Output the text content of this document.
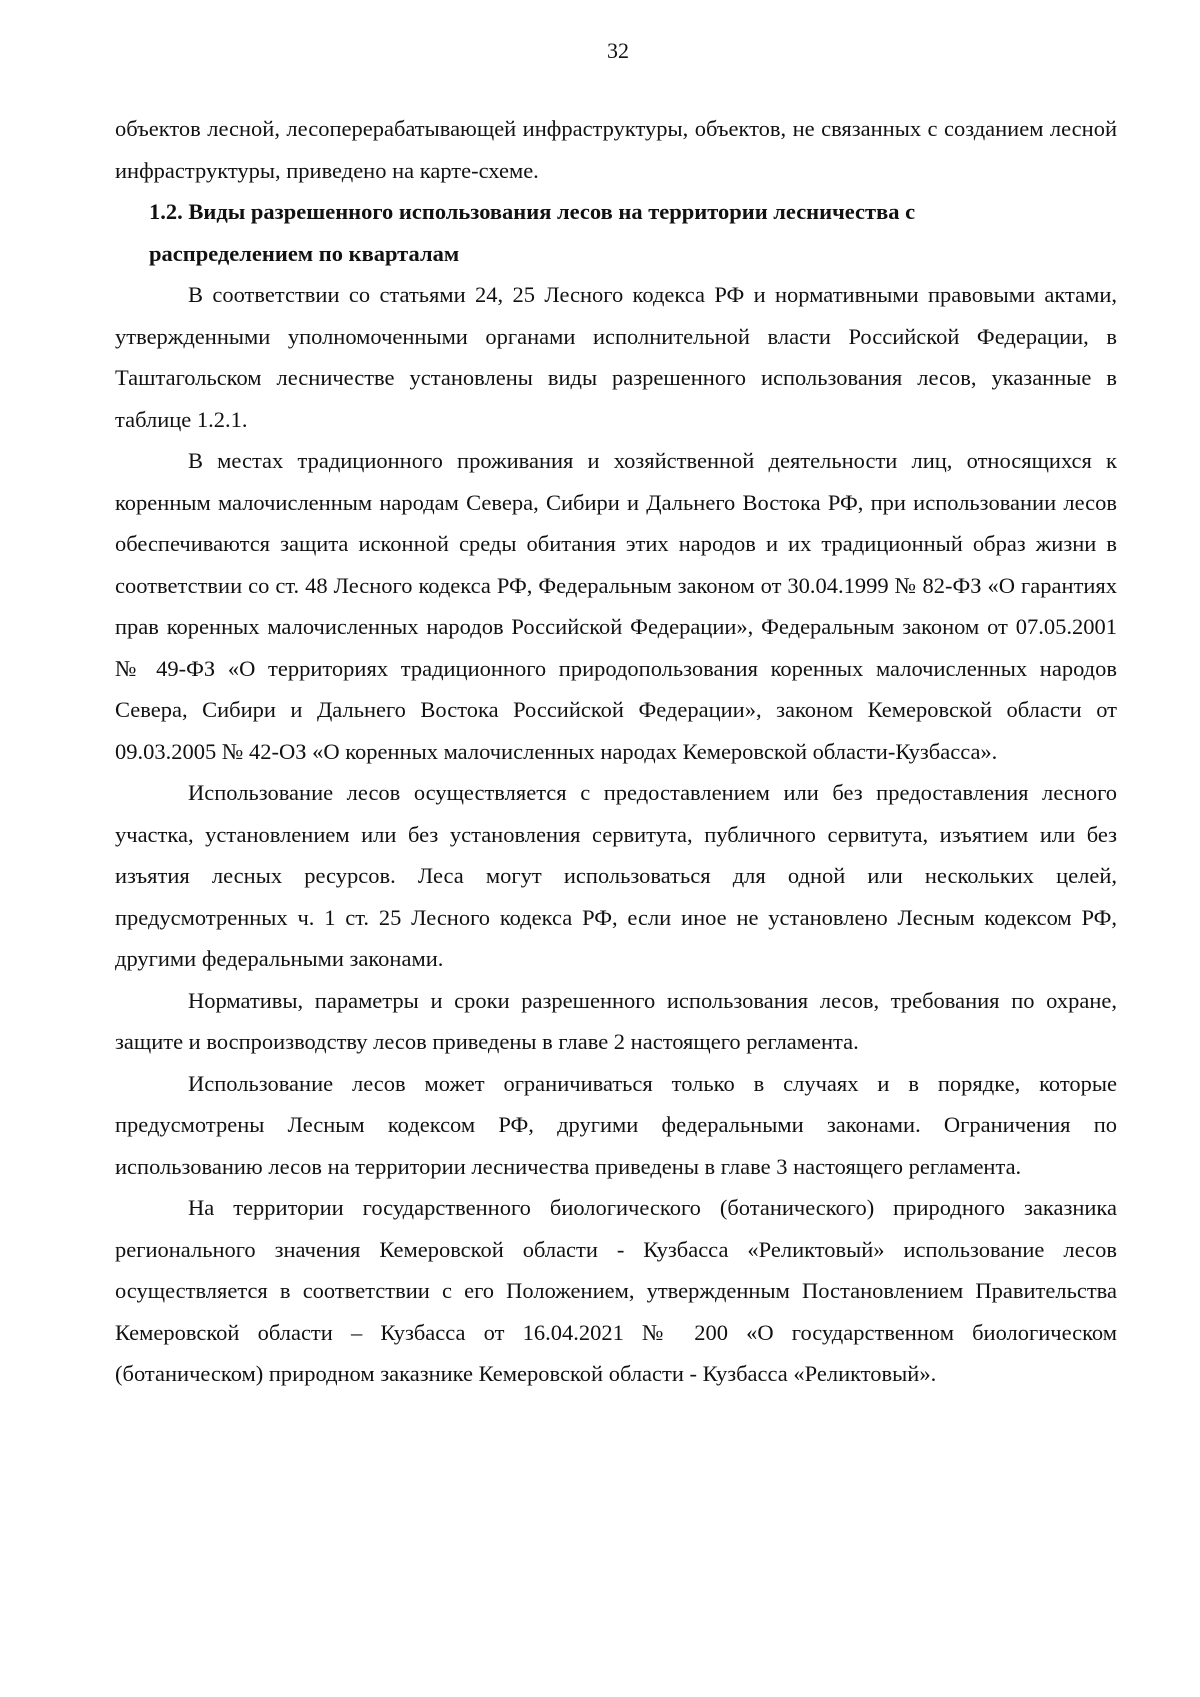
32

объектов лесной, лесоперерабатывающей инфраструктуры, объектов, не связанных с созданием лесной инфраструктуры, приведено на карте-схеме.

1.2. Виды разрешенного использования лесов на территории лесничества с

распределением по кварталам

В соответствии со статьями 24, 25 Лесного кодекса РФ и нормативными правовыми актами, утвержденными уполномоченными органами исполнительной власти Российской Федерации, в Таштагольском лесничестве установлены виды разрешенного использования лесов, указанные в таблице 1.2.1.

В местах традиционного проживания и хозяйственной деятельности лиц, относящихся к коренным малочисленным народам Севера, Сибири и Дальнего Востока РФ, при использовании лесов обеспечиваются защита исконной среды обитания этих народов и их традиционный образ жизни в соответствии со ст. 48 Лесного кодекса РФ, Федеральным законом от 30.04.1999 № 82-ФЗ «О гарантиях прав коренных малочисленных народов Российской Федерации», Федеральным законом от 07.05.2001 № 49-ФЗ «О территориях традиционного природопользования коренных малочисленных народов Севера, Сибири и Дальнего Востока Российской Федерации», законом Кемеровской области от 09.03.2005 № 42-ОЗ «О коренных малочисленных народах Кемеровской области-Кузбасса».

Использование лесов осуществляется с предоставлением или без предоставления лесного участка, установлением или без установления сервитута, публичного сервитута, изъятием или без изъятия лесных ресурсов. Леса могут использоваться для одной или нескольких целей, предусмотренных ч. 1 ст. 25 Лесного кодекса РФ, если иное не установлено Лесным кодексом РФ, другими федеральными законами.

Нормативы, параметры и сроки разрешенного использования лесов, требования по охране, защите и воспроизводству лесов приведены в главе 2 настоящего регламента.

Использование лесов может ограничиваться только в случаях и в порядке, которые предусмотрены Лесным кодексом РФ, другими федеральными законами. Ограничения по использованию лесов на территории лесничества приведены в главе 3 настоящего регламента.

На территории государственного биологического (ботанического) природного заказника регионального значения Кемеровской области - Кузбасса «Реликтовый» использование лесов осуществляется в соответствии с его Положением, утвержденным Постановлением Правительства Кемеровской области – Кузбасса от 16.04.2021 № 200 «О государственном биологическом (ботаническом) природном заказнике Кемеровской области - Кузбасса «Реликтовый».
